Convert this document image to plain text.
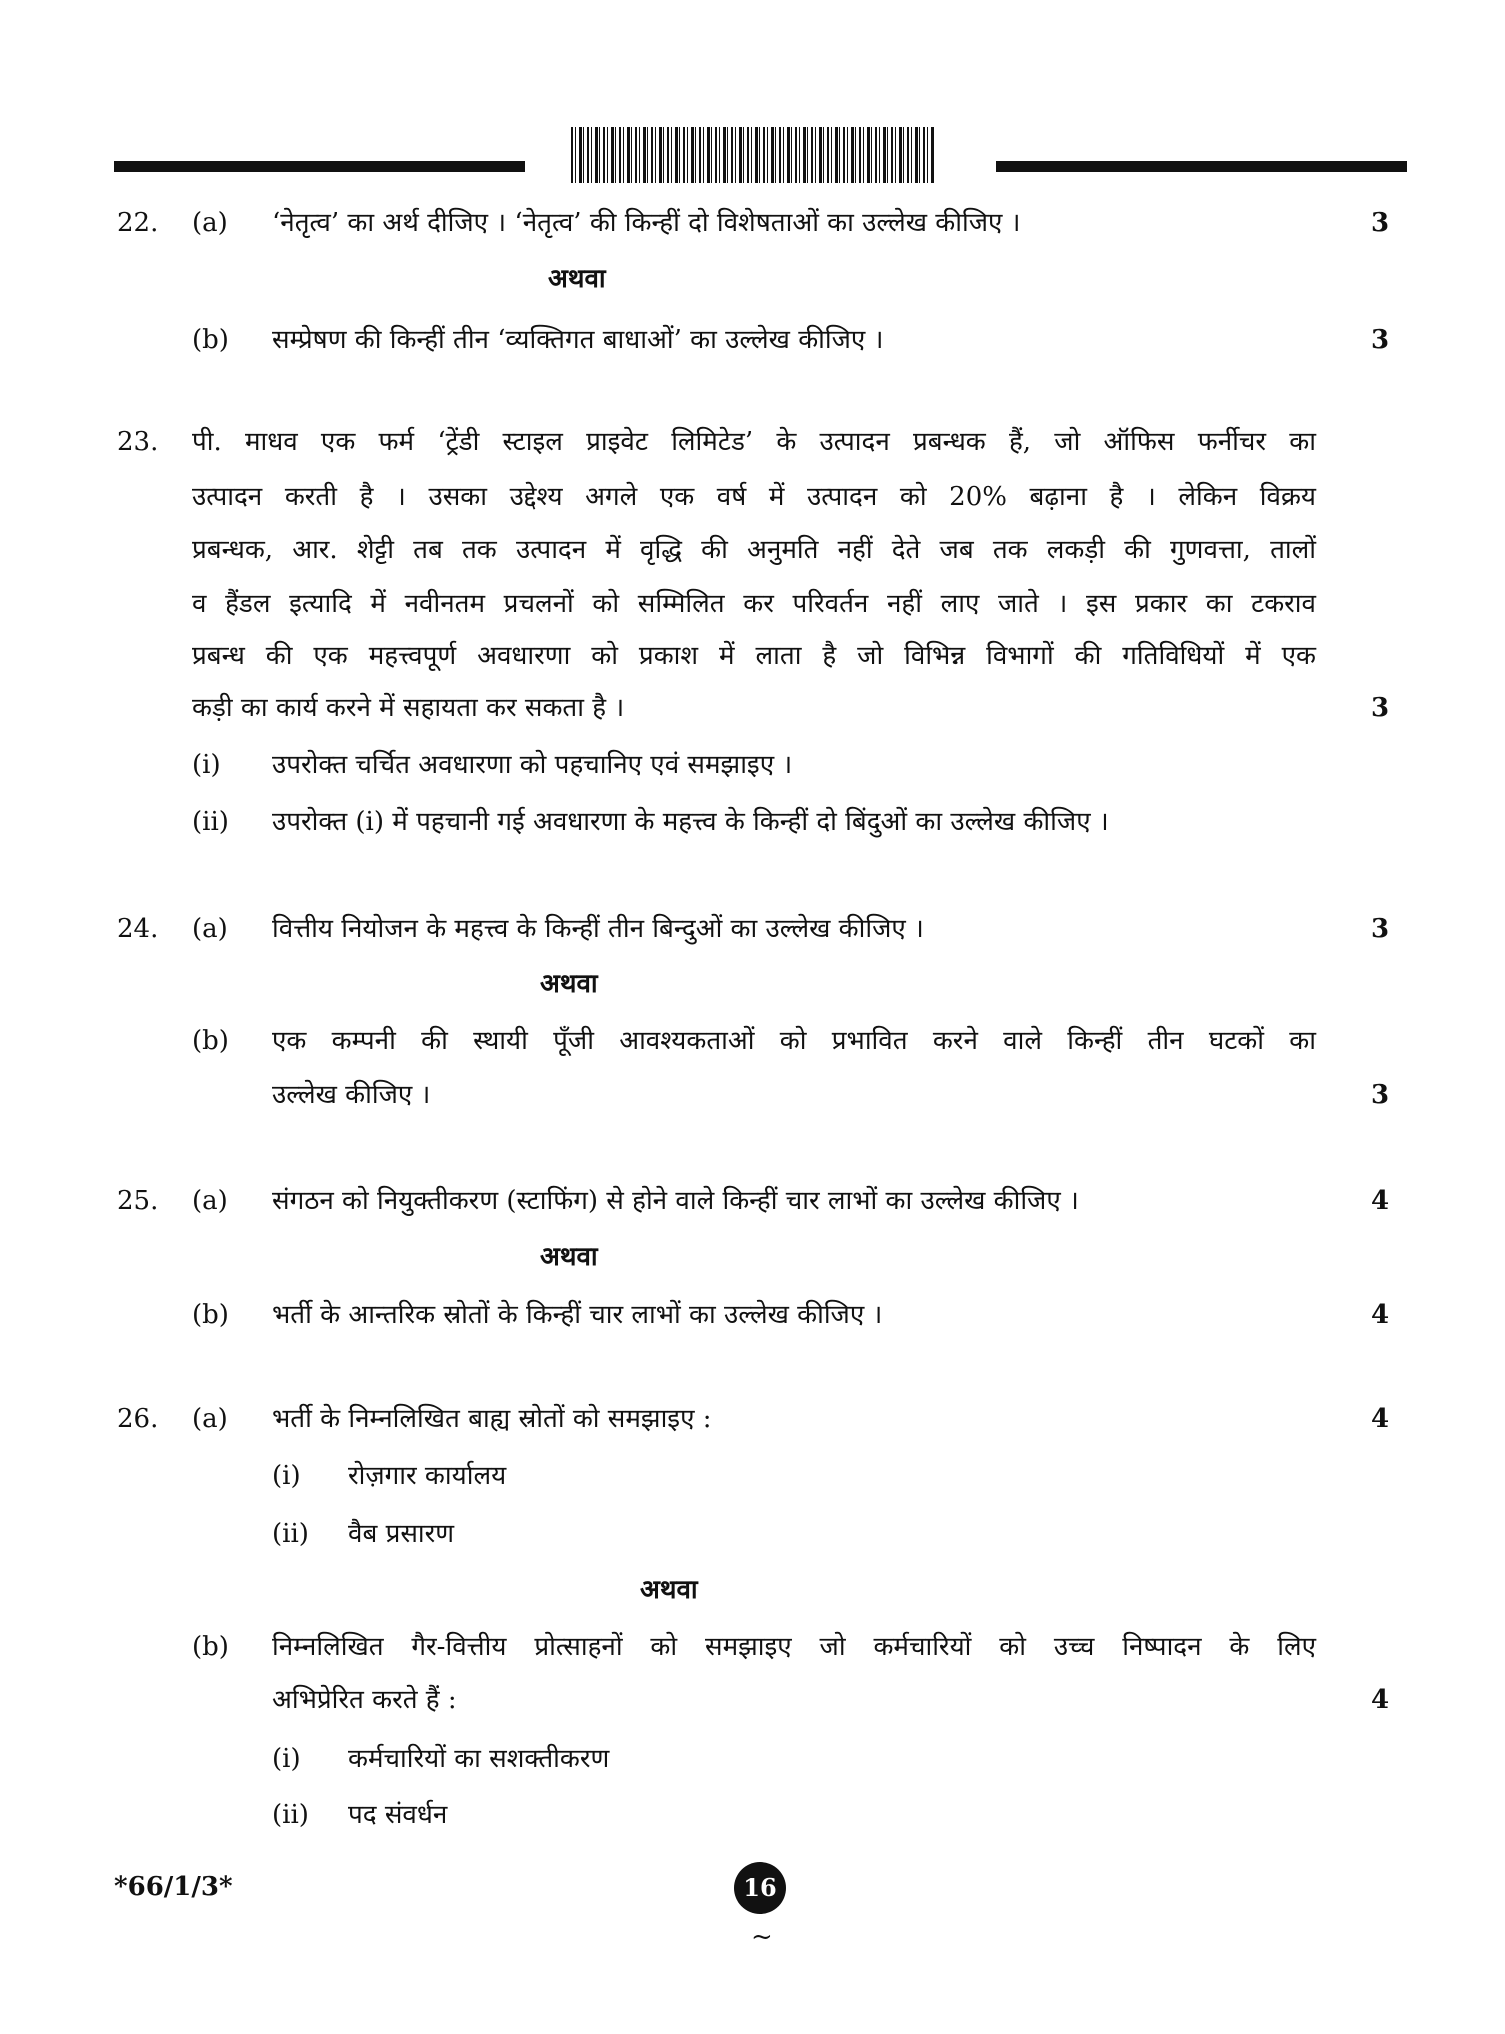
22. (a) ‘नेतृत्व’ का अर्थ दीजिए । ‘नेतृत्व’ की किन्हीं दो विशेषताओं का उल्लेख कीजिए ।	3
अथवा
(b) सम्प्रेषण की किन्हीं तीन ‘व्यक्तिगत बाधाओं’ का उल्लेख कीजिए ।	3
23. पी. माधव एक फर्म ‘ट्रेंडी स्टाइल प्राइवेट लिमिटेड’ के उत्पादन प्रबन्धक हैं, जो ऑफिस फर्नीचर का
उत्पादन करती है । उसका उद्देश्य अगले एक वर्ष में उत्पादन को 20% बढ़ाना है । लेकिन विक्रय
प्रबन्धक, आर. शेट्टी तब तक उत्पादन में वृद्धि की अनुमति नहीं देते जब तक लकड़ी की गुणवत्ता, तालों
व हैंडल इत्यादि में नवीनतम प्रचलनों को सम्मिलित कर परिवर्तन नहीं लाए जाते । इस प्रकार का टकराव
प्रबन्ध की एक महत्त्वपूर्ण अवधारणा को प्रकाश में लाता है जो विभिन्न विभागों की गतिविधियों में एक
कड़ी का कार्य करने में सहायता कर सकता है ।	3
(i) उपरोक्त चर्चित अवधारणा को पहचानिए एवं समझाइए ।
(ii) उपरोक्त (i) में पहचानी गई अवधारणा के महत्त्व के किन्हीं दो बिंदुओं का उल्लेख कीजिए ।
24. (a) वित्तीय नियोजन के महत्त्व के किन्हीं तीन बिन्दुओं का उल्लेख कीजिए ।	3
अथवा
(b) एक कम्पनी की स्थायी पूँजी आवश्यकताओं को प्रभावित करने वाले किन्हीं तीन घटकों का
उल्लेख कीजिए ।	3
25. (a) संगठन को नियुक्तीकरण (स्टाफिंग) से होने वाले किन्हीं चार लाभों का उल्लेख कीजिए ।	4
अथवा
(b) भर्ती के आन्तरिक स्रोतों के किन्हीं चार लाभों का उल्लेख कीजिए ।	4
26. (a) भर्ती के निम्नलिखित बाह्य स्रोतों को समझाइए :	4
(i) रोज़गार कार्यालय
(ii) वैब प्रसारण
अथवा
(b) निम्नलिखित गैर-वित्तीय प्रोत्साहनों को समझाइए जो कर्मचारियों को उच्च निष्पादन के लिए
अभिप्रेरित करते हैं :	4
(i) कर्मचारियों का सशक्तीकरण
(ii) पद संवर्धन
*66/1/3*	16
~
